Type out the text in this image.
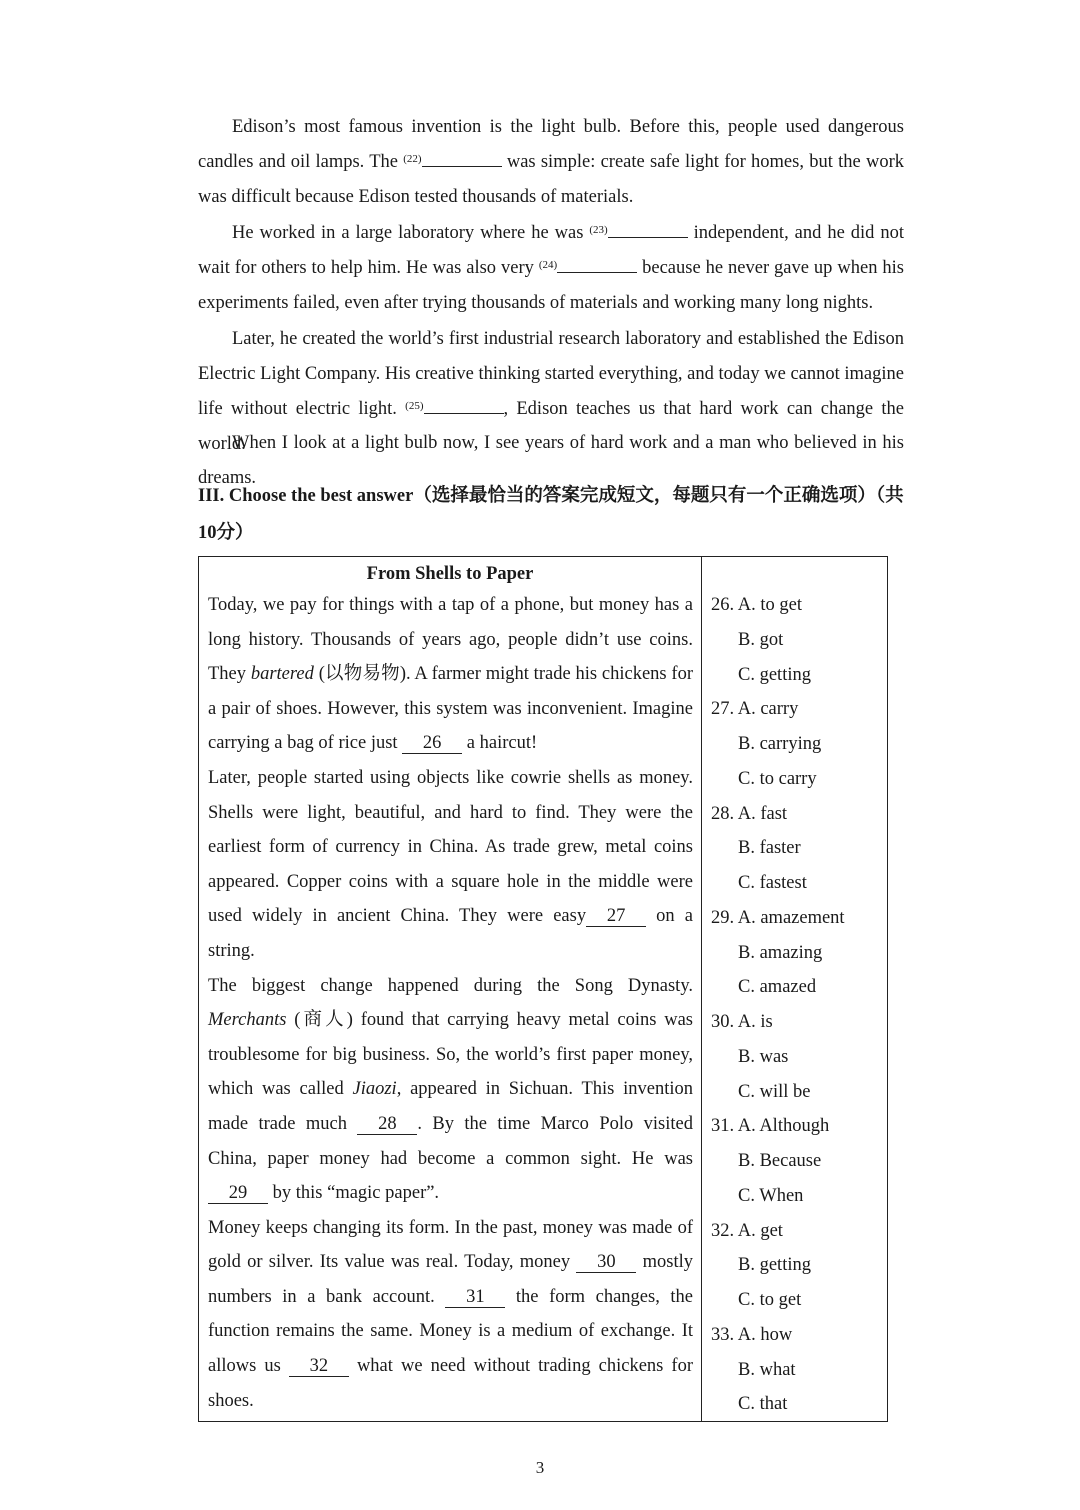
Edison’s most famous invention is the light bulb. Before this, people used dangerous candles and oil lamps. The $^{(22)}$	was simple: create safe light for homes, but the work was difficult because Edison tested thousands of materials.

He worked in a large laboratory where he was $^{(23)}$	independent, and he did not wait for others to help him. He was also very $^{(24)}$	because he never gave up when his experiments failed, even after trying thousands of materials and working many long nights.

Later, he created the world’s first industrial research laboratory and established the Edison Electric Light Company. His creative thinking started everything, and today we cannot imagine life without electric light. $^{(25)}$	, Edison teaches us that hard work can change the world.

When I look at a light bulb now, I see years of hard work and a man who believed in his dreams.

III. Choose the best answer（选择最恰当的答案完成短文，每题只有一个正确选项）（共10分）

From Shells to Paper

Today, we pay for things with a tap of a phone, but money has a long history. Thousands of years ago, people didn’t use coins. They bartered (以物易物). A farmer might trade his chickens for a pair of shoes. However, this system was inconvenient. Imagine carrying a bag of rice just 26 a haircut!

Later, people started using objects like cowrie shells as money. Shells were light, beautiful, and hard to find. They were the earliest form of currency in China. As trade grew, metal coins appeared. Copper coins with a square hole in the middle were used widely in ancient China. They were easy 27 on a string.

The biggest change happened during the Song Dynasty. Merchants (商人) found that carrying heavy metal coins was troublesome for big business. So, the world’s first paper money, which was called Jiaozi, appeared in Sichuan. This invention made trade much 28 . By the time Marco Polo visited China, paper money had become a common sight. He was 29 by this “magic paper”.

Money keeps changing its form. In the past, money was made of gold or silver. Its value was real. Today, money 30 mostly numbers in a bank account. 31 the form changes, the function remains the same. Money is a medium of exchange. It allows us 32 what we need without trading chickens for shoes.

26. A. to get
B. got
C. getting
27. A. carry
B. carrying
C. to carry
28. A. fast
B. faster
C. fastest
29. A. amazement
B. amazing
C. amazed
30. A. is
B. was
C. will be
31. A. Although
B. Because
C. When
32. A. get
B. getting
C. to get
33. A. how
B. what
C. that
3
